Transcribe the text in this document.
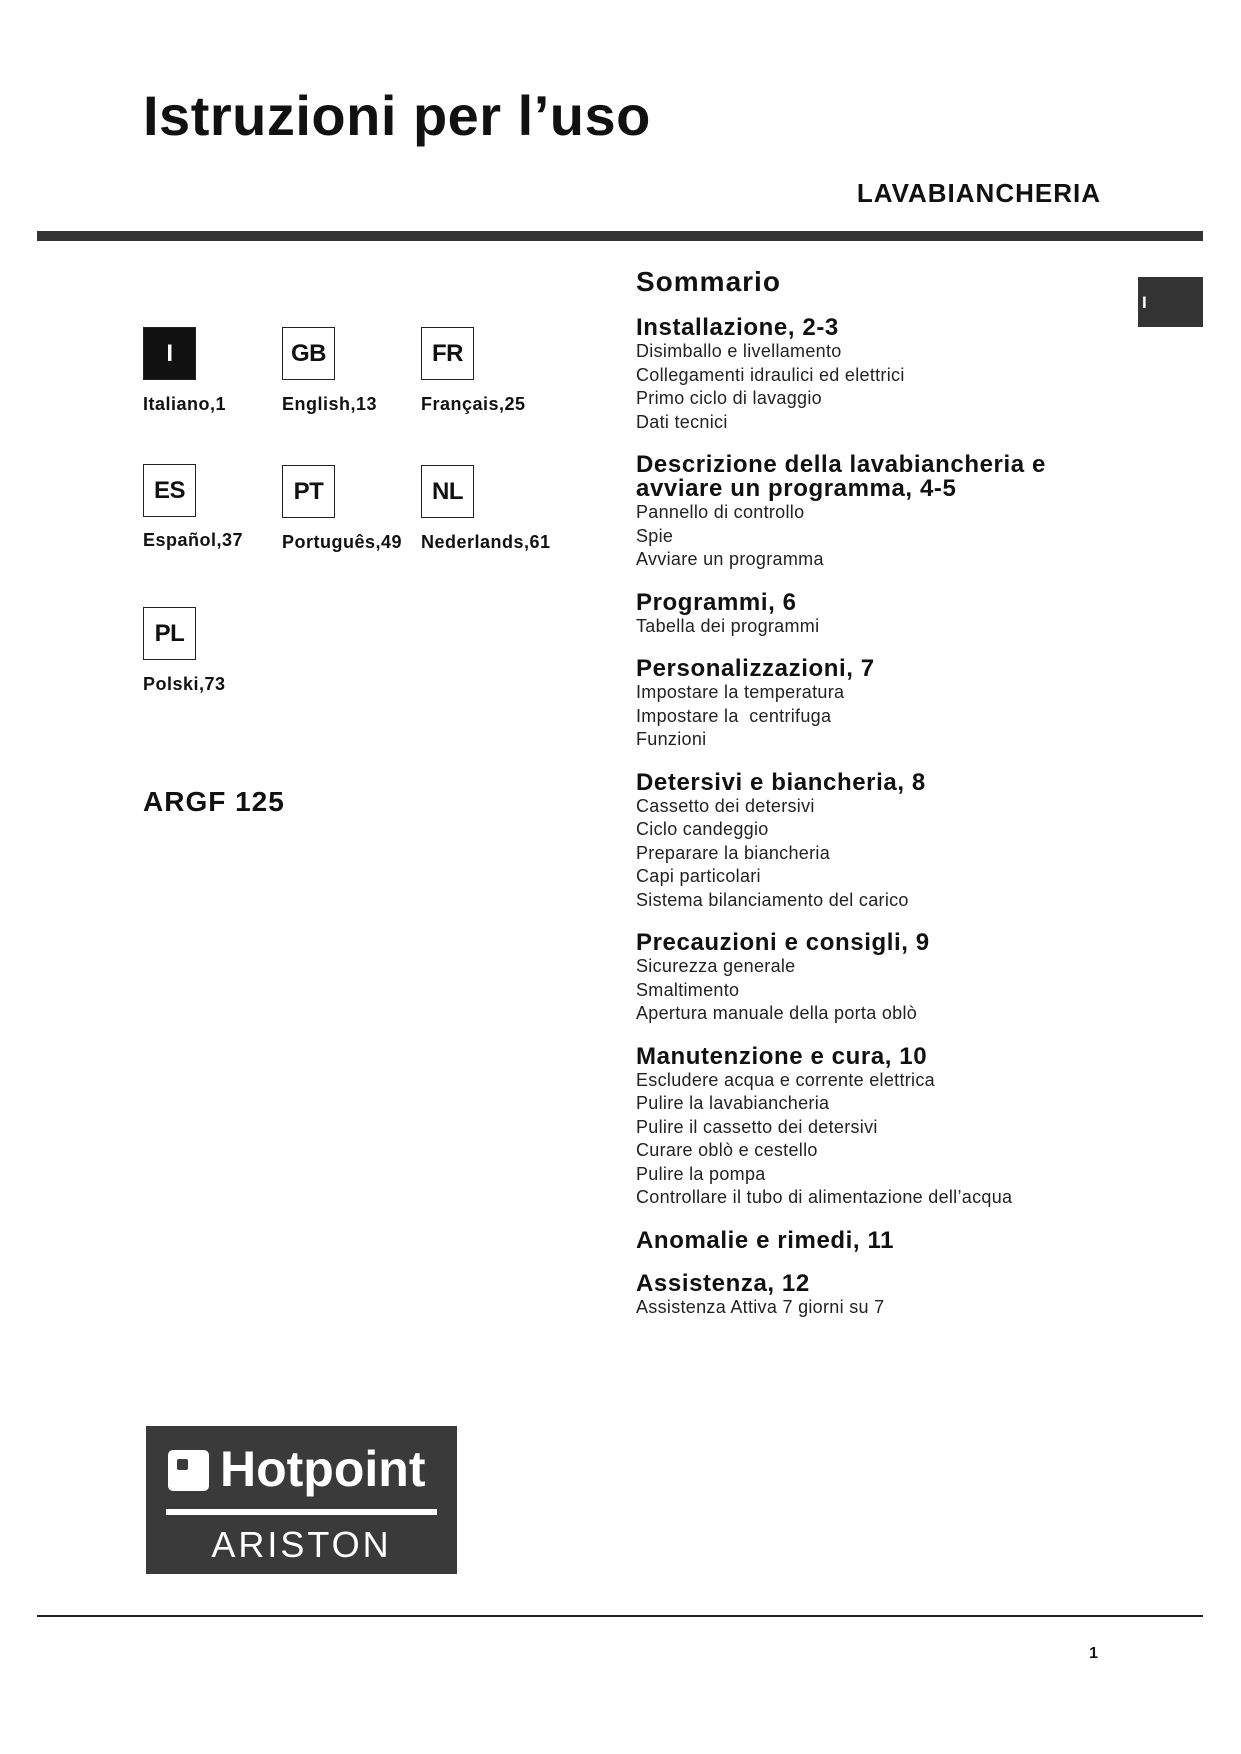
Istruzioni per l’uso
LAVABIANCHERIA
I
I
Italiano,1
GB
English,13
FR
Français,25
ES
Español,37
PT
Português,49
NL
Nederlands,61
PL
Polski,73
ARGF 125
Sommario
Installazione, 2-3
Disimballo e livellamento
Collegamenti idraulici ed elettrici
Primo ciclo di lavaggio
Dati tecnici
Descrizione della lavabiancheria e avviare un programma, 4-5
Pannello di controllo
Spie
Avviare un programma
Programmi, 6
Tabella dei programmi
Personalizzazioni, 7
Impostare la temperatura
Impostare la  centrifuga
Funzioni
Detersivi e biancheria, 8
Cassetto dei detersivi
Ciclo candeggio
Preparare la biancheria
Capi particolari
Sistema bilanciamento del carico
Precauzioni e consigli, 9
Sicurezza generale
Smaltimento
Apertura manuale della porta oblò
Manutenzione e cura, 10
Escludere acqua e corrente elettrica
Pulire la lavabiancheria
Pulire il cassetto dei detersivi
Curare oblò e cestello
Pulire la pompa
Controllare il tubo di alimentazione dell’acqua
Anomalie e rimedi, 11
Assistenza, 12
Assistenza Attiva 7 giorni su 7
Hotpoint
ARISTON
1
